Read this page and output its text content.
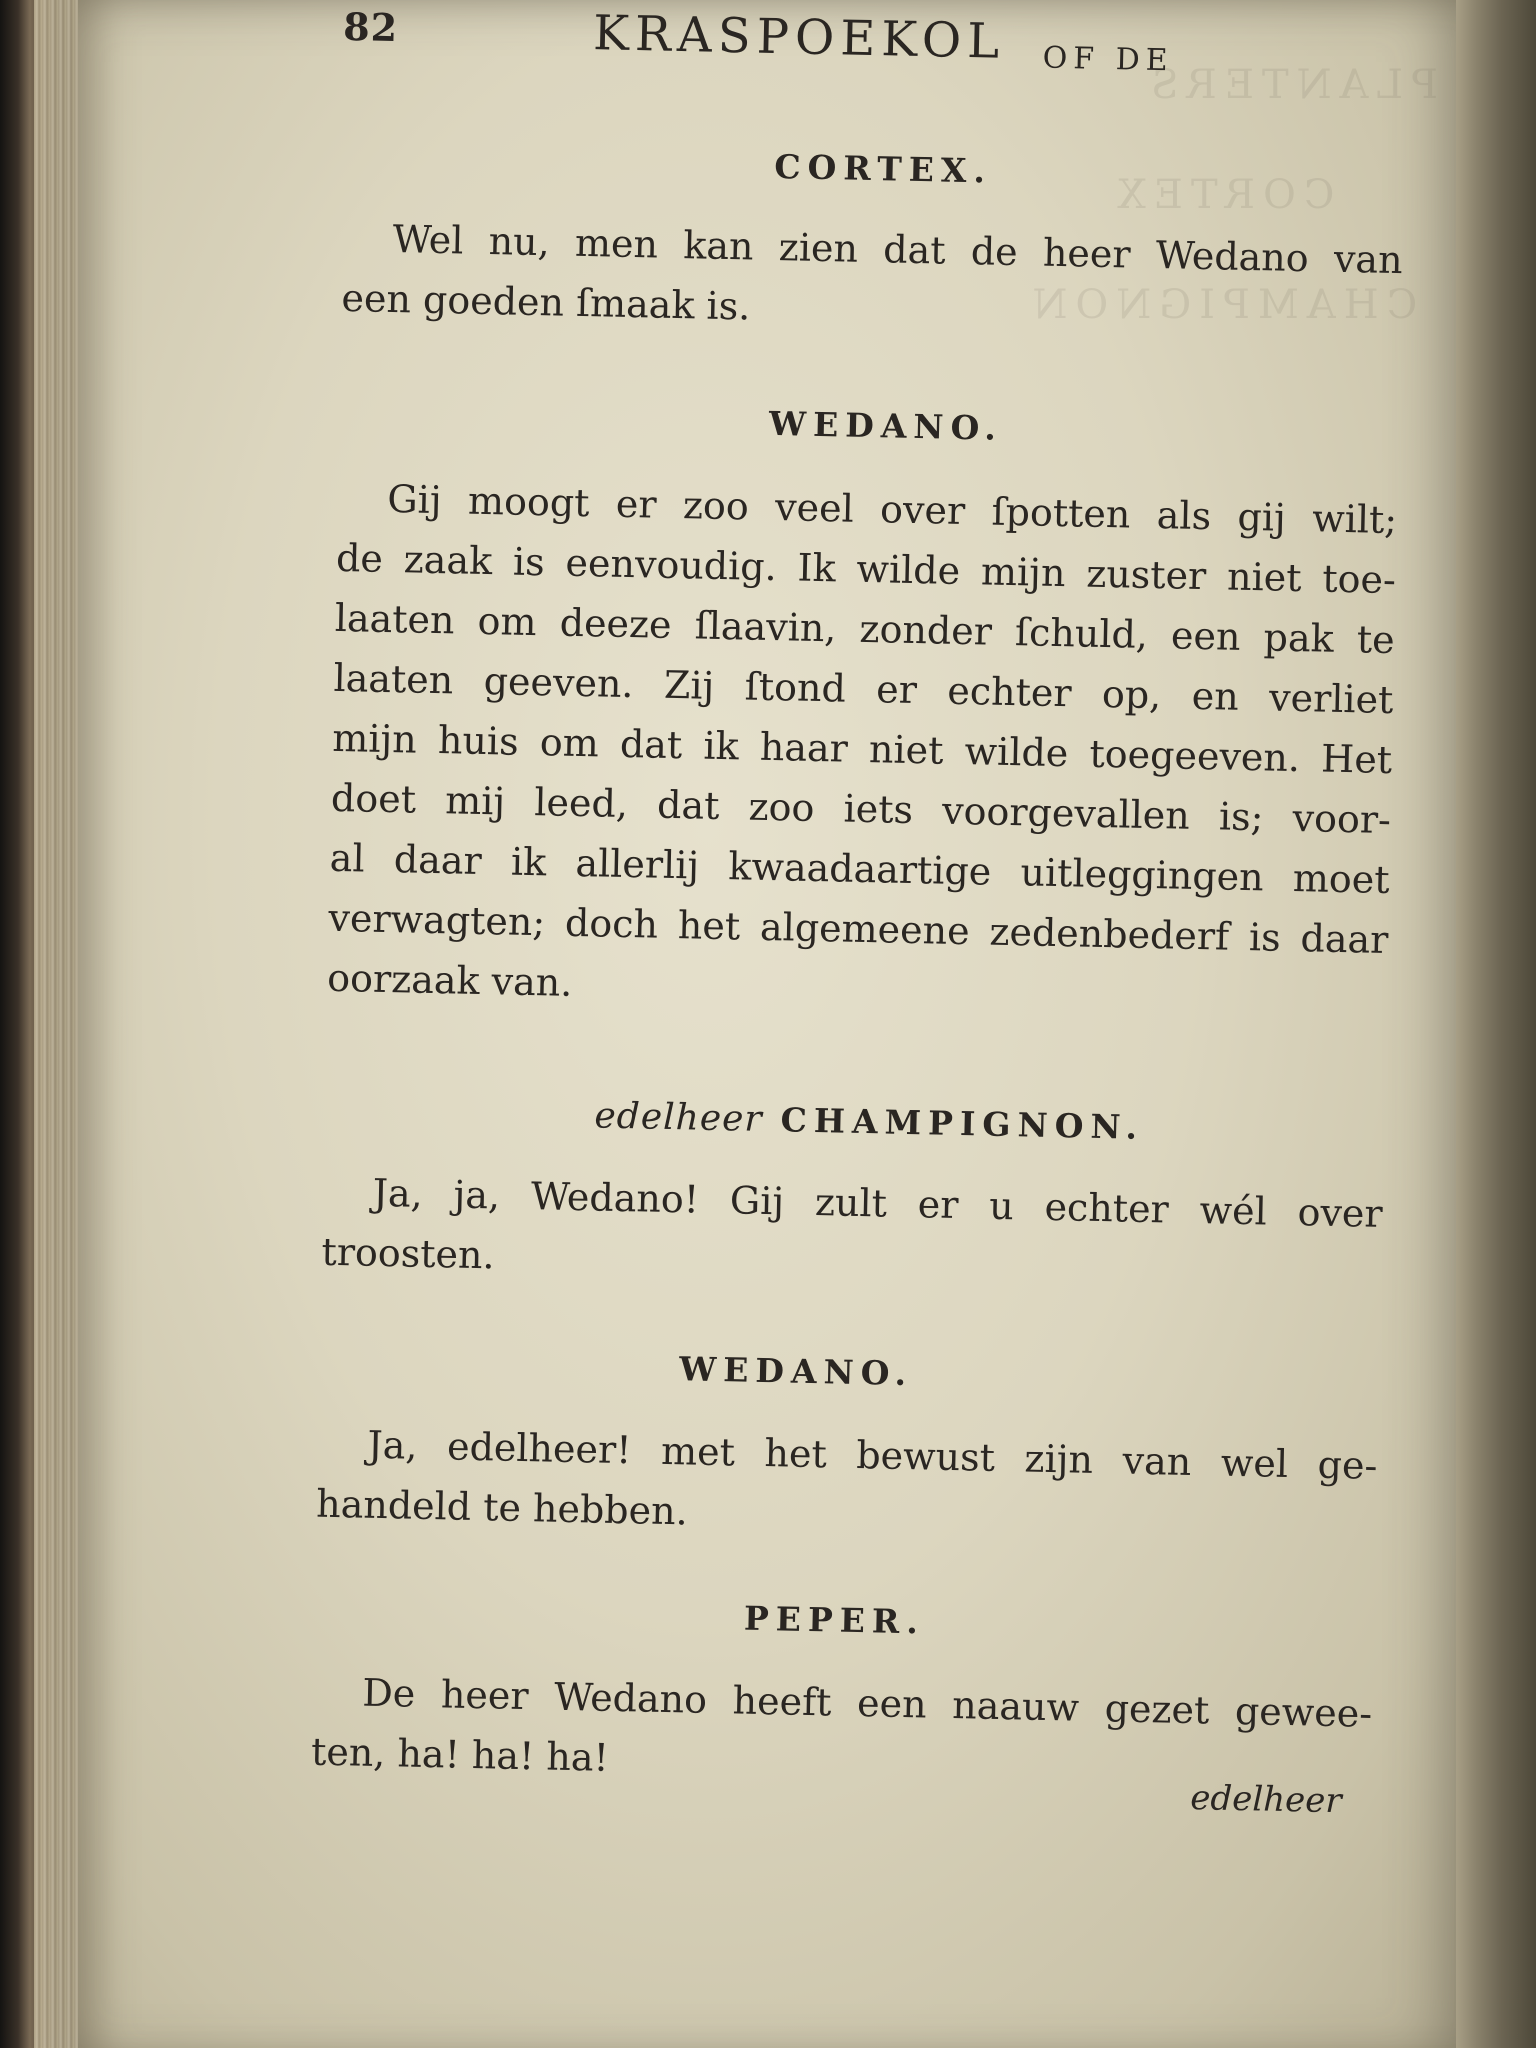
PLANTERS
CORTEX
CHAMPIGNON
82	KRASPOEKOL OF DE
CORTEX.
Wel nu, men kan zien dat de heer Wedano van
een goeden ſmaak is.
WEDANO.
Gij moogt er zoo veel over ſpotten als gij wilt;
de zaak is eenvoudig. Ik wilde mijn zuster niet toe-
laaten om deeze ſlaavin, zonder ſchuld, een pak te
laaten geeven. Zij ſtond er echter op, en verliet
mijn huis om dat ik haar niet wilde toegeeven. Het
doet mij leed, dat zoo iets voorgevallen is; voor-
al daar ik allerlij kwaadaartige uitleggingen moet
verwagten; doch het algemeene zedenbederf is daar
oorzaak van.
edelheer CHAMPIGNON.
Ja, ja, Wedano! Gij zult er u echter wél over
troosten.
WEDANO.
Ja, edelheer! met het bewust zijn van wel ge-
handeld te hebben.
PEPER.
De heer Wedano heeft een naauw gezet gewee-
ten, ha! ha! ha!
edelheer
